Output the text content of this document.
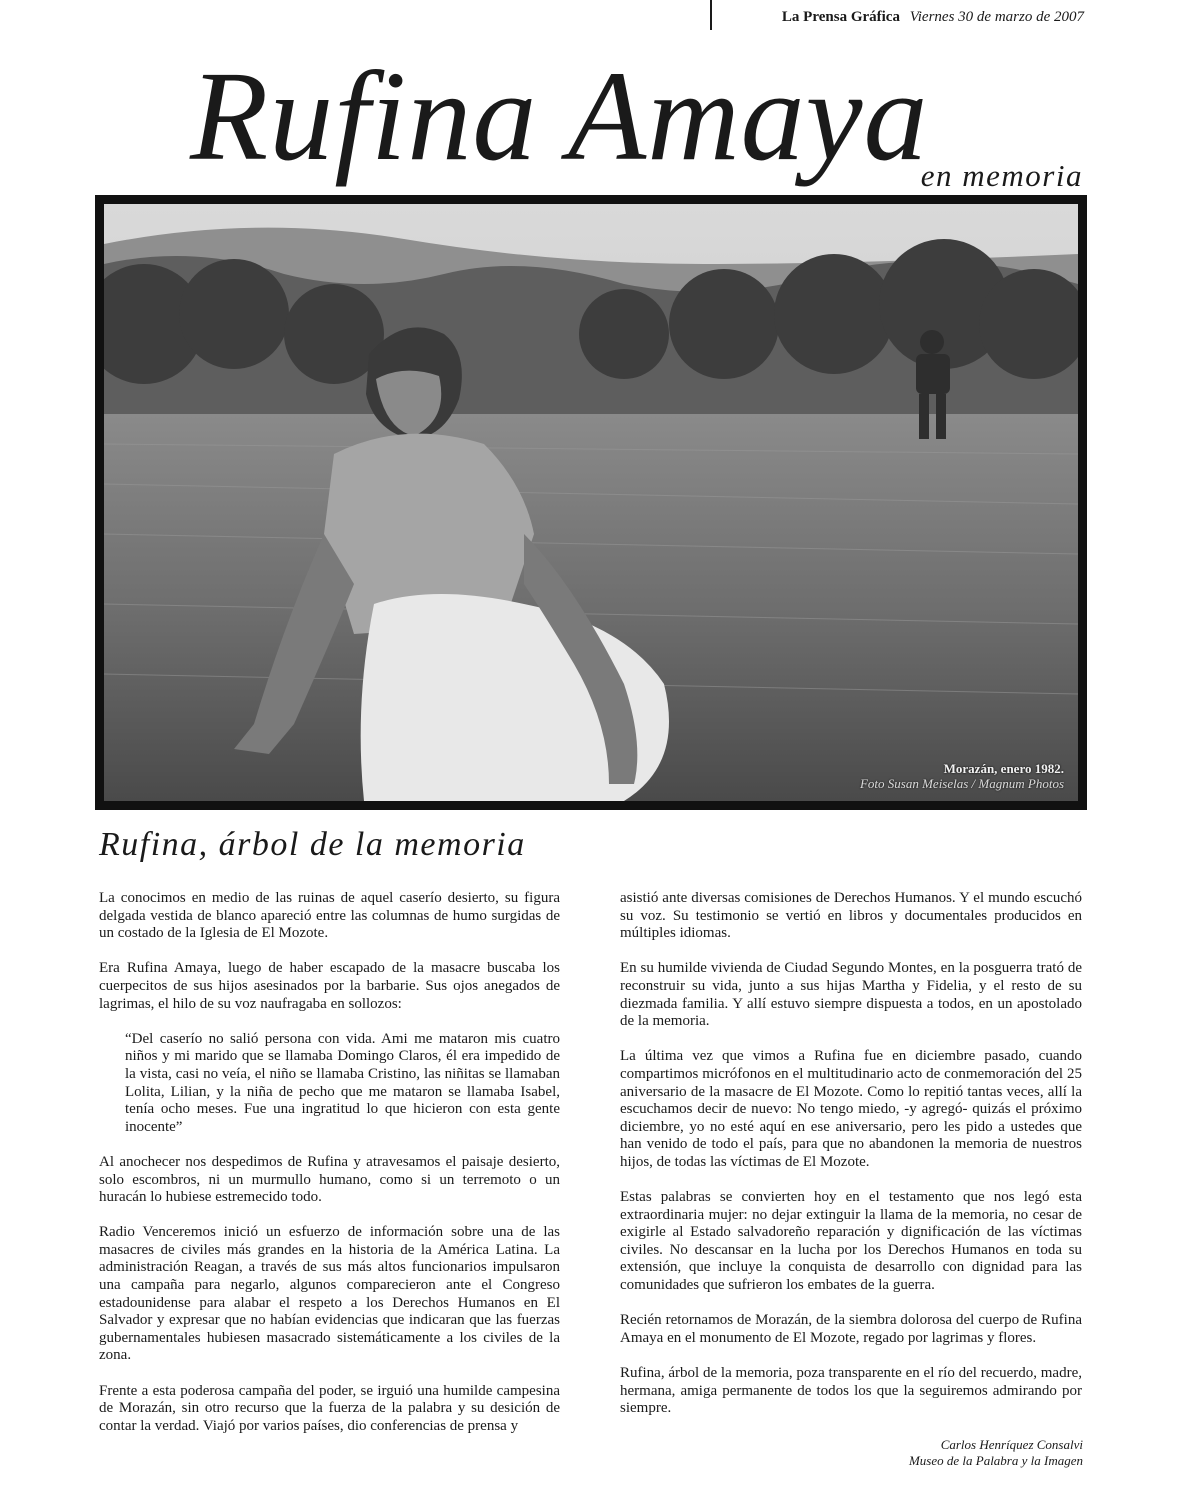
La Prensa Gráfica Viernes 30 de marzo de 2007
Rufina Amaya
en memoria
Morazán, enero 1982.
Foto Susan Meiselas / Magnum Photos
Rufina, árbol de la memoria

La conocimos en medio de las ruinas de aquel caserío desierto, su figura delgada vestida de blanco apareció entre las columnas de humo surgidas de un costado de la Iglesia de El Mozote.

Era Rufina Amaya, luego de haber escapado de la masacre buscaba los cuerpecitos de sus hijos asesinados por la barbarie. Sus ojos anegados de lagrimas, el hilo de su voz naufragaba en sollozos:

“Del caserío no salió persona con vida. Ami me mataron mis cuatro niños y mi marido que se llamaba Domingo Claros, él era impedido de la vista, casi no veía, el niño se llamaba Cristino, las niñitas se llamaban Lolita, Lilian, y la niña de pecho que me mataron se llamaba Isabel, tenía ocho meses. Fue una ingratitud lo que hicieron con esta gente inocente”

Al anochecer nos despedimos de Rufina y atravesamos el paisaje desierto, solo escombros, ni un murmullo humano, como si un terremoto o un huracán lo hubiese estremecido todo.

Radio Venceremos inició un esfuerzo de información sobre una de las masacres de civiles más grandes en la historia de la América Latina. La administración Reagan, a través de sus más altos funcionarios impulsaron una campaña para negarlo, algunos comparecieron ante el Congreso estadounidense para alabar el respeto a los Derechos Humanos en El Salvador y expresar que no habían evidencias que indicaran que las fuerzas gubernamentales hubiesen masacrado sistemáticamente a los civiles de la zona.

Frente a esta poderosa campaña del poder, se irguió una humilde campesina de Morazán, sin otro recurso que la fuerza de la palabra y su desición de contar la verdad. Viajó por varios países, dio conferencias de prensa y

asistió ante diversas comisiones de Derechos Humanos. Y el mundo escuchó su voz. Su testimonio se vertió en libros y documentales producidos en múltiples idiomas.

En su humilde vivienda de Ciudad Segundo Montes, en la posguerra trató de reconstruir su vida, junto a sus hijas Martha y Fidelia, y el resto de su diezmada familia. Y allí estuvo siempre dispuesta a todos, en un apostolado de la memoria.

La última vez que vimos a Rufina fue en diciembre pasado, cuando compartimos micrófonos en el multitudinario acto de conmemoración del 25 aniversario de la masacre de El Mozote. Como lo repitió tantas veces, allí la escuchamos decir de nuevo: No tengo miedo, -y agregó- quizás el próximo diciembre, yo no esté aquí en ese aniversario, pero les pido a ustedes que han venido de todo el país, para que no abandonen la memoria de nuestros hijos, de todas las víctimas de El Mozote.

Estas palabras se convierten hoy en el testamento que nos legó esta extraordinaria mujer: no dejar extinguir la llama de la memoria, no cesar de exigirle al Estado salvadoreño reparación y dignificación de las víctimas civiles. No descansar en la lucha por los Derechos Humanos en toda su extensión, que incluye la conquista de desarrollo con dignidad para las comunidades que sufrieron los embates de la guerra.

Recién retornamos de Morazán, de la siembra dolorosa del cuerpo de Rufina Amaya en el monumento de El Mozote, regado por lagrimas y flores.

Rufina, árbol de la memoria, poza transparente en el río del recuerdo, madre, hermana, amiga permanente de todos los que la seguiremos admirando por siempre.

Carlos Henríquez Consalvi
Museo de la Palabra y la Imagen
